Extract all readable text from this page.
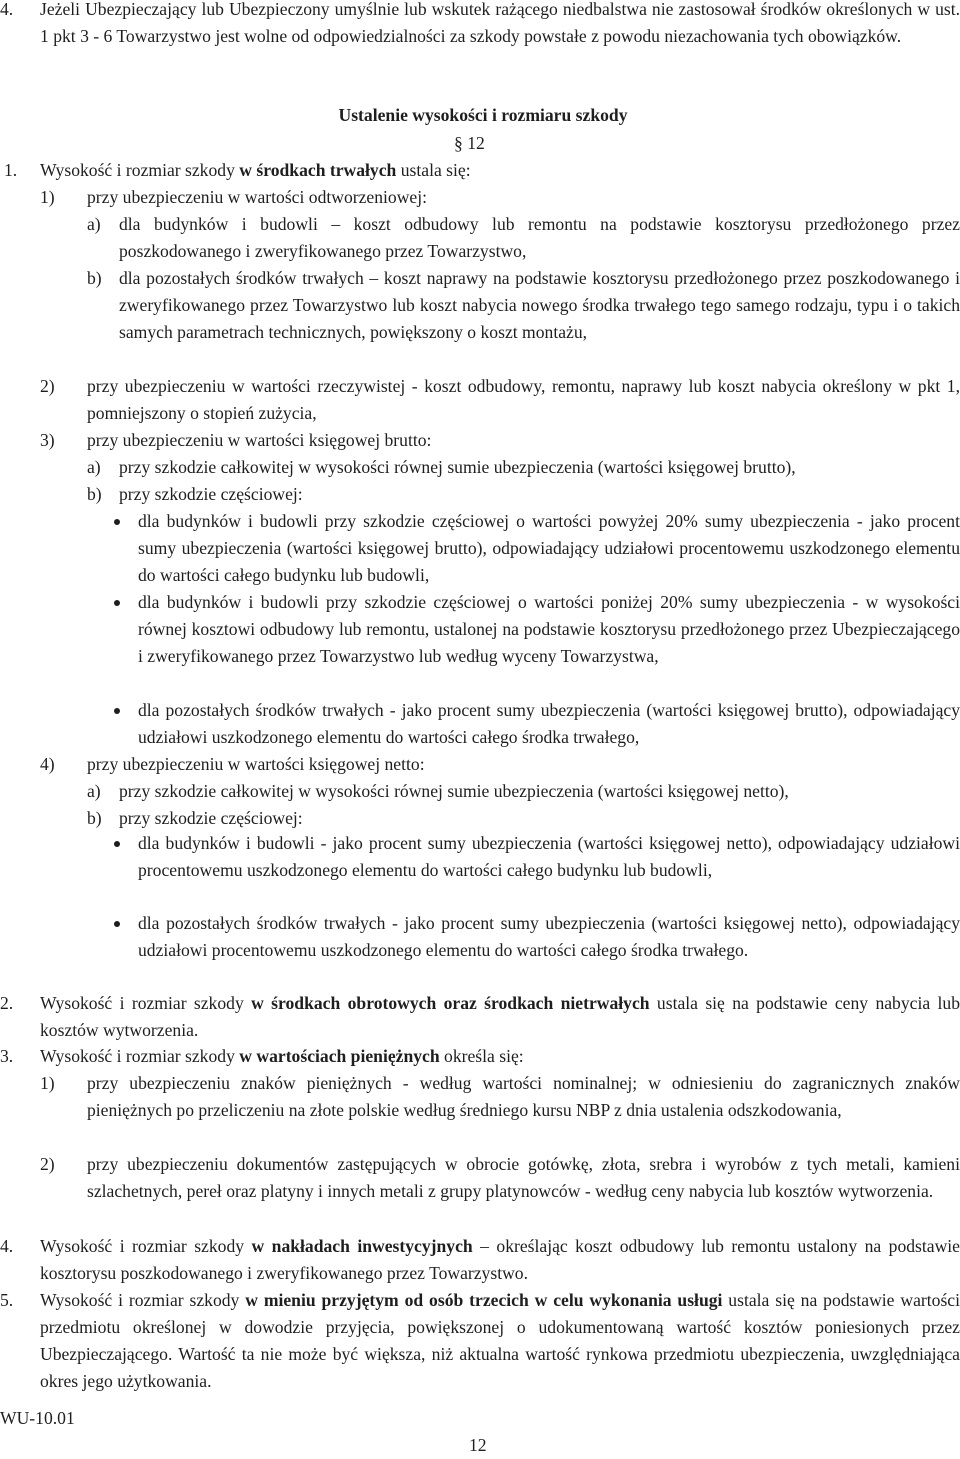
4. Jeżeli Ubezpieczający lub Ubezpieczony umyślnie lub wskutek rażącego niedbalstwa nie zastosował środków określonych w ust. 1 pkt 3 - 6 Towarzystwo jest wolne od odpowiedzialności za szkody powstałe z powodu niezachowania tych obowiązków.

Ustalenie wysokości i rozmiaru szkody
§ 12
1. Wysokość i rozmiar szkody w środkach trwałych ustala się:

1) przy ubezpieczeniu w wartości odtworzeniowej:

a) dla budynków i budowli – koszt odbudowy lub remontu na podstawie kosztorysu przedłożonego przez poszkodowanego i zweryfikowanego przez Towarzystwo,

b) dla pozostałych środków trwałych – koszt naprawy na podstawie kosztorysu przedłożonego przez poszkodowanego i zweryfikowanego przez Towarzystwo lub koszt nabycia nowego środka trwałego tego samego rodzaju, typu i o takich samych parametrach technicznych, powiększony o koszt montażu,

2) przy ubezpieczeniu w wartości rzeczywistej - koszt odbudowy, remontu, naprawy lub koszt nabycia określony w pkt 1, pomniejszony o stopień zużycia,

3) przy ubezpieczeniu w wartości księgowej brutto:

a) przy szkodzie całkowitej w wysokości równej sumie ubezpieczenia (wartości księgowej brutto),

b) przy szkodzie częściowej:

dla budynków i budowli przy szkodzie częściowej o wartości powyżej 20% sumy ubezpieczenia - jako procent sumy ubezpieczenia (wartości księgowej brutto), odpowiadający udziałowi procentowemu uszkodzonego elementu do wartości całego budynku lub budowli,

dla budynków i budowli przy szkodzie częściowej o wartości poniżej 20% sumy ubezpieczenia - w wysokości równej kosztowi odbudowy lub remontu, ustalonej na podstawie kosztorysu przedłożonego przez Ubezpieczającego i zweryfikowanego przez Towarzystwo lub według wyceny Towarzystwa,

dla pozostałych środków trwałych - jako procent sumy ubezpieczenia (wartości księgowej brutto), odpowiadający udziałowi uszkodzonego elementu do wartości całego środka trwałego,

4) przy ubezpieczeniu w wartości księgowej netto:

a) przy szkodzie całkowitej w wysokości równej sumie ubezpieczenia (wartości księgowej netto),

b) przy szkodzie częściowej:

dla budynków i budowli - jako procent sumy ubezpieczenia (wartości księgowej netto), odpowiadający udziałowi procentowemu uszkodzonego elementu do wartości całego budynku lub budowli,

dla pozostałych środków trwałych - jako procent sumy ubezpieczenia (wartości księgowej netto), odpowiadający udziałowi procentowemu uszkodzonego elementu do wartości całego środka trwałego.

2. Wysokość i rozmiar szkody w środkach obrotowych oraz środkach nietrwałych ustala się na podstawie ceny nabycia lub kosztów wytworzenia.

3. Wysokość i rozmiar szkody w wartościach pieniężnych określa się:

1) przy ubezpieczeniu znaków pieniężnych - według wartości nominalnej; w odniesieniu do zagranicznych znaków pieniężnych po przeliczeniu na złote polskie według średniego kursu NBP z dnia ustalenia odszkodowania,

2) przy ubezpieczeniu dokumentów zastępujących w obrocie gotówkę, złota, srebra i wyrobów z tych metali, kamieni szlachetnych, pereł oraz platyny i innych metali z grupy platynowców - według ceny nabycia lub kosztów wytworzenia.

4. Wysokość i rozmiar szkody w nakładach inwestycyjnych – określając koszt odbudowy lub remontu ustalony na podstawie kosztorysu poszkodowanego i zweryfikowanego przez Towarzystwo.

5. Wysokość i rozmiar szkody w mieniu przyjętym od osób trzecich w celu wykonania usługi ustala się na podstawie wartości przedmiotu określonej w dowodzie przyjęcia, powiększonej o udokumentowaną wartość kosztów poniesionych przez Ubezpieczającego. Wartość ta nie może być większa, niż aktualna wartość rynkowa przedmiotu ubezpieczenia, uwzględniająca okres jego użytkowania.

WU-10.01
12
